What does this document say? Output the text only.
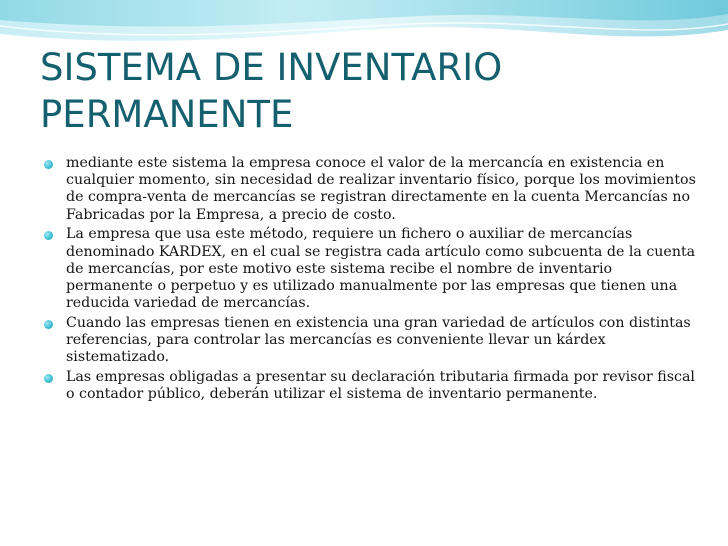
SISTEMA DE INVENTARIO
PERMANENTE
mediante este sistema la empresa conoce el valor de la mercancía en existencia en cualquier momento, sin necesidad de realizar inventario físico, porque los movimientos de compra-venta de mercancías se registran directamente en la cuenta Mercancías no Fabricadas por la Empresa, a precio de costo.
La empresa que usa este método, requiere un fichero o auxiliar de mercancías denominado KARDEX, en el cual se registra cada artículo como subcuenta de la cuenta de mercancías, por este motivo este sistema recibe el nombre de inventario permanente o perpetuo y es utilizado manualmente por las empresas que tienen una reducida variedad de mercancías.
Cuando las empresas tienen en existencia una gran variedad de artículos con distintas referencias, para controlar las mercancías es conveniente llevar un kárdex sistematizado.
Las empresas obligadas a presentar su declaración tributaria firmada por revisor fiscal o contador público, deberán utilizar el sistema de inventario permanente.
